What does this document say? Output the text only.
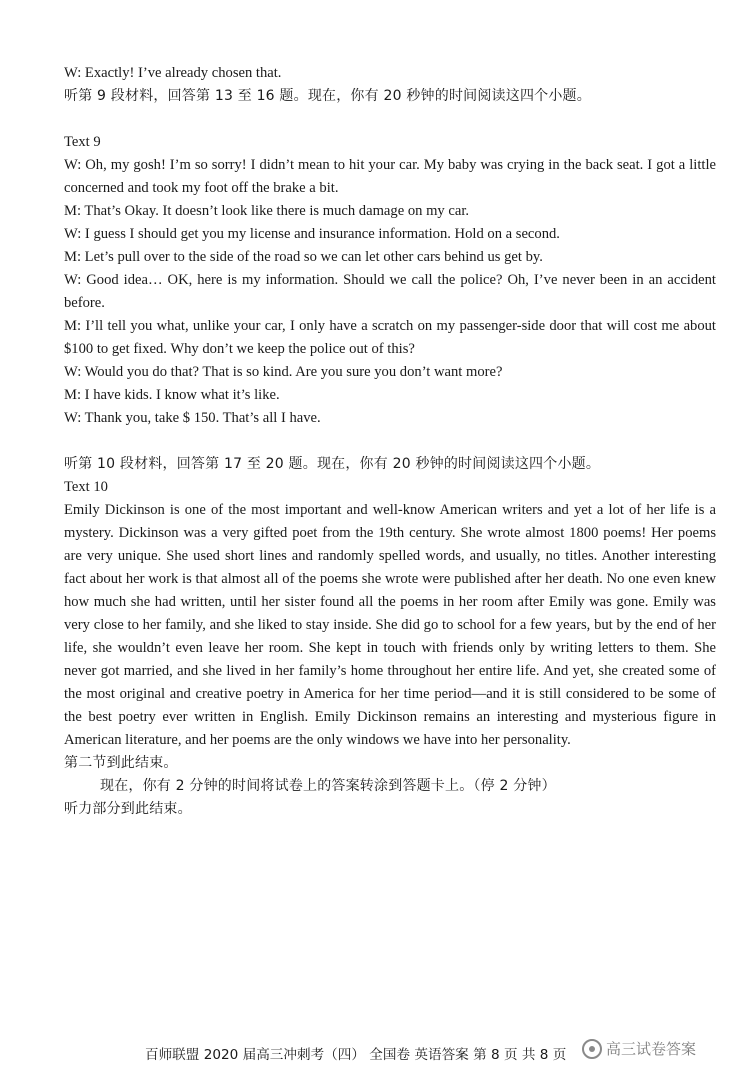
W: Exactly! I’ve already chosen that.
听第 9 段材料，回答第 13 至 16 题。现在，你有 20 秒钟的时间阅读这四个小题。
Text 9
W: Oh, my gosh! I’m so sorry! I didn’t mean to hit your car. My baby was crying in the back seat. I got a little concerned and took my foot off the brake a bit.
M: That’s Okay. It doesn’t look like there is much damage on my car.
W: I guess I should get you my license and insurance information. Hold on a second.
M: Let’s pull over to the side of the road so we can let other cars behind us get by.
W: Good idea… OK, here is my information. Should we call the police? Oh, I’ve never been in an accident before.
M: I’ll tell you what, unlike your car, I only have a scratch on my passenger-side door that will cost me about $100 to get fixed. Why don’t we keep the police out of this?
W: Would you do that? That is so kind. Are you sure you don’t want more?
M: I have kids. I know what it’s like.
W: Thank you, take $ 150. That’s all I have.
听第 10 段材料，回答第 17 至 20 题。现在，你有 20 秒钟的时间阅读这四个小题。
Text 10
Emily Dickinson is one of the most important and well-know American writers and yet a lot of her life is a mystery. Dickinson was a very gifted poet from the 19th century. She wrote almost 1800 poems! Her poems are very unique. She used short lines and randomly spelled words, and usually, no titles. Another interesting fact about her work is that almost all of the poems she wrote were published after her death. No one even knew how much she had written, until her sister found all the poems in her room after Emily was gone. Emily was very close to her family, and she liked to stay inside. She did go to school for a few years, but by the end of her life, she wouldn’t even leave her room. She kept in touch with friends only by writing letters to them. She never got married, and she lived in her family’s home throughout her entire life. And yet, she created some of the most original and creative poetry in America for her time period—and it is still considered to be some of the best poetry ever written in English. Emily Dickinson remains an interesting and mysterious figure in American literature, and her poems are the only windows we have into her personality.
第二节到此结束。
现在，你有 2 分钟的时间将试卷上的答案转涂到答题卡上。（停 2 分钟）
听力部分到此结束。
百师联盟 2020 届高三冲刺考（四） 全国卷 英语答案 第 8 页 共 8 页	高三试卷答案
